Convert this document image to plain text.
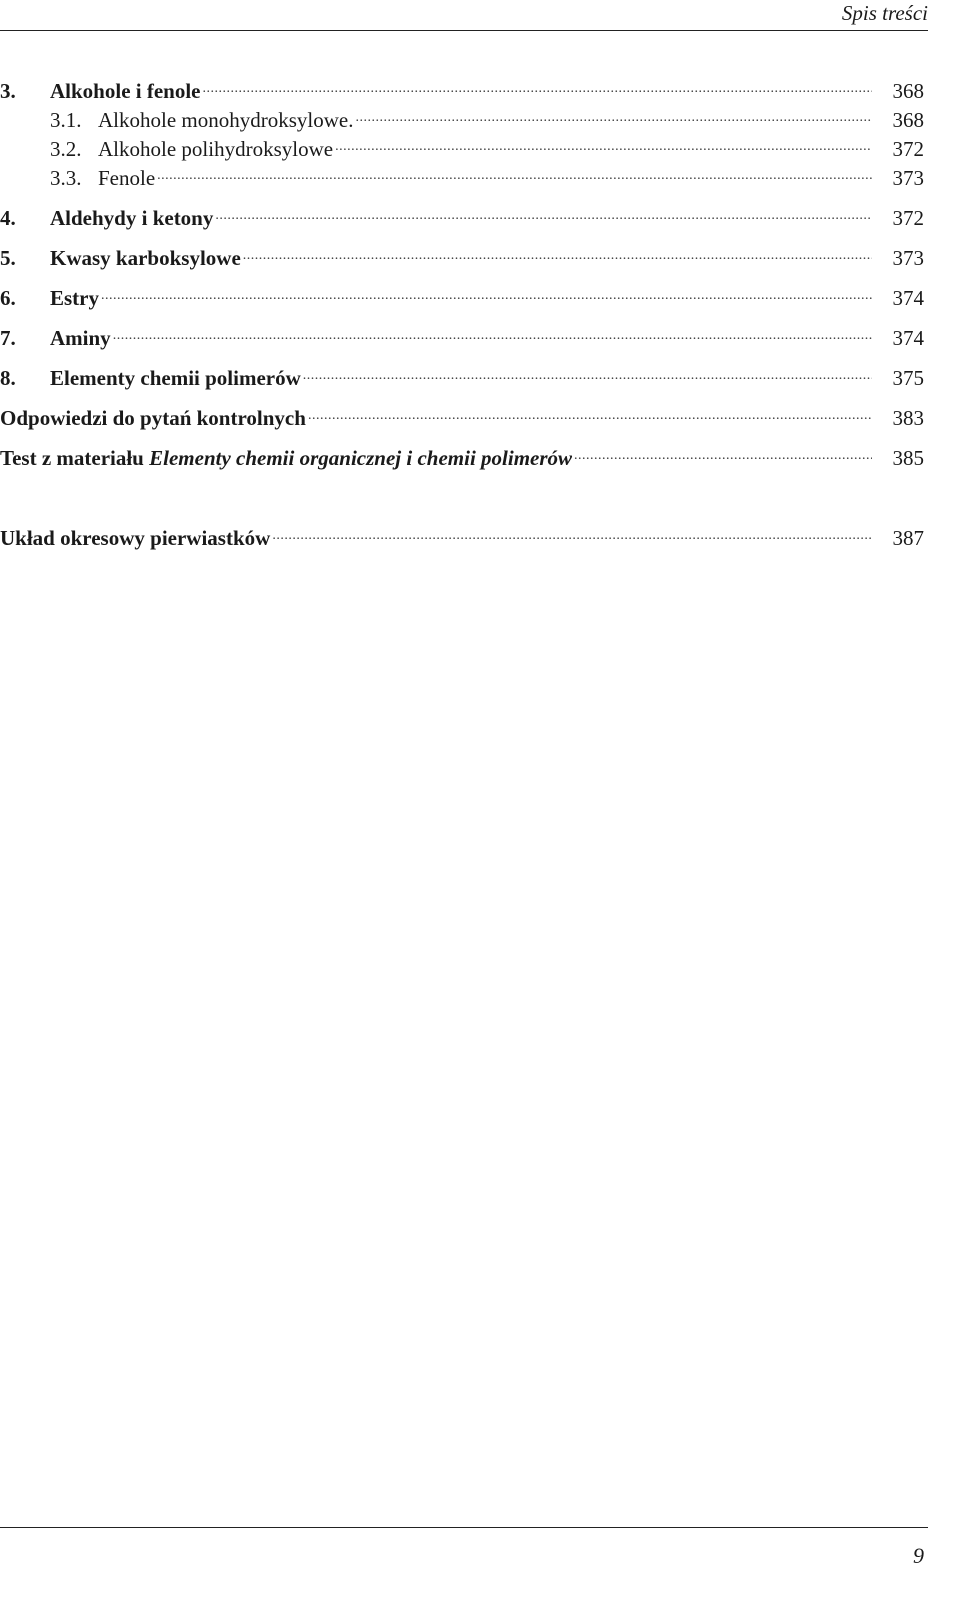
Spis treści
3.	Alkohole i fenole .....	368
3.1. Alkohole monohydroksylowe. .....	368
3.2. Alkohole polihydroksylowe .....	372
3.3. Fenole .....	373
4.	Aldehydy i ketony .....	372
5.	Kwasy karboksylowe .....	373
6.	Estry .....	374
7.	Aminy .....	374
8.	Elementy chemii polimerów .....	375
Odpowiedzi do pytań kontrolnych .....	383
Test z materiału Elementy chemii organicznej i chemii polimerów .....	385
Układ okresowy pierwiastków .....	387
9
